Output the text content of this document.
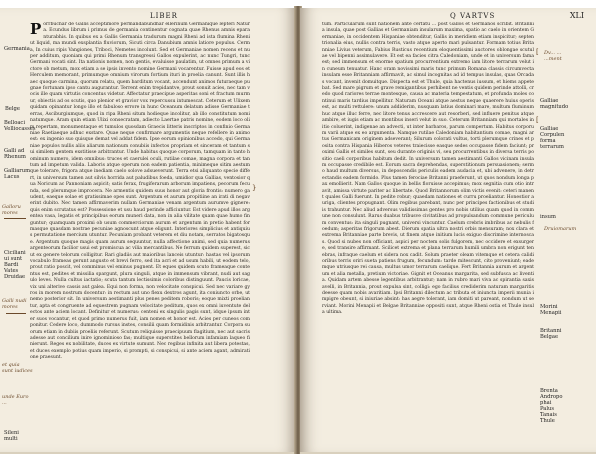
LIBER

Porrbuchar de Gallis acceptimore permandabundhar ellerinum Germanique lepteri Natura. Ecundus librum i primus de germania continentur cognata quae Rhenus amnis eparanturabhis. In quibus ex a Gallis Germania tradurum magni Rheni ad ista flumina Rheni ut liquid, ma mundi exsplantia fluviorum, Sicuti circa Danubium amnis latiore populus. Cerma, In cuius ripis Vangiones, Triboci, Nemetes incolunt. Sed et Germaniae nomen recens et nuper additum, quoniam qui primi Rhenum transgressi Gallos expulerint, ac nunc Tungri, tunc Germani vocati sint. Ita nationis nomen, non gentis, evaluisse paulatim, ut omnes primum a victore ob metum, mox etiam a se ipsis invento nomine Germani vocarentur. Fuisse apud eos et Herculem memorant, primumque omnium virorum fortium ituri in proelia canunt. Sunt illis haec quoque carmina, quorum relatu, quem barditum vocant, accendunt animos futuraeque pugnae fortunam ipso cantu augurantur. Terrent enim trepidantve, prout sonuit acies, nec tam vocis ille quam virtutis concentus videtur. Affectatur praecipue asperitas soni et fractum murmur, obiectis ad os scutis, quo plenior et gravior vox repercussu intumescat. Ceterum et Ulixem quidam opinantur longo illo et fabuloso errore in hunc Oceanum delatum adisse Germaniae terras, Asciburgiumque, quod in ripa Rheni situm hodieque incolitur, ab illo constitutum nominatumque. Aram quin etiam Ulixi consecratam, adiecto Laertae patris nomine, eodem loco olim repertam, monumentaque et tumulos quosdam Graecis litteris inscriptos in confinio Germaniae Raetiaeque adhuc exstare. Quae neque confirmare argumentis neque refellere in animo est: ex ingenio suo quisque demat vel addat fidem. Ipse eorum opinionibus accedo, qui Germaniae populos nullis aliis aliarum nationum conubiis infectos propriam et sinceram et tantum sui similem gentem exstitisse arbitrantur. Unde habitus quoque corporum, tamquam in tanto hominum numero, idem omnibus: truces et caerulei oculi, rutilae comae, magna corpora et tantum ad impetum valida. Laboris atque operum non eadem patientia, minimeque sitim aestumque tolerare, frigora atque inediam caelo solove adsueverunt. Terra etsi aliquanto specie differt, in universum tamen aut silvis horrida aut paludibus foeda, umidior qua Gallias, ventosior qua Noricum ac Pannoniam aspicit; satis ferax, frugiferarum arborum impatiens, pecorum fecunda, sed plerumque improcera. Ne armentis quidem suus honor aut gloria frontis: numero gaudent, eaeque solae et gratissimae opes sunt. Argentum et aurum propitiine an irati di negaverint dubito. Nec tamen affirmaverim nullam Germaniae venam argentum aurumve gignere: quis enim scrutatus est? Possessione et usu haud perinde afficiuntur. Est videre apud illos argentea vasa, legatis et principibus eorum muneri data, non in alia vilitate quam quae humo finguntur; quamquam proximi ob usum commerciorum aurum et argentum in pretio habent formasque quasdam nostrae pecuniae agnoscunt atque eligunt. Interiores simplicius et antiquius permutatione mercium utuntur. Pecuniam probant veterem et diu notam, serratos bigatosque. Argentum quoque magis quam aurum sequuntur, nulla affectione animi, sed quia numerus argenteorum facilior usui est promiscua ac vilia mercantibus. Ne ferrum quidem superest, sicut ex genere telorum colligitur. Rari gladiis aut maioribus lanceis utuntur: hastas vel ipsorum vocabulo frameas gerunt angusto et brevi ferro, sed ita acri et ad usum habili, ut eodem telo, prout ratio poscit, vel comminus vel eminus pugnent. Et eques quidem scuto frameaque contentus est, pedites et missilia spargunt, plura singuli, atque in immensum vibrant, nudi aut sagulo leves. Nulla cultus iactatio; scuta tantum lectissimis coloribus distinguunt. Paucis loricae, vix uni alterive cassis aut galea. Equi non forma, non velocitate conspicui. Sed nec variare gyros in morem nostrum docentur: in rectum aut uno flexu dextros agunt, ita coniuncto orbe, ut nemo posterior sit. In universum aestimanti plus penes peditem roboris; eoque mixti proeliantur, apta et congruente ad equestrem pugnam velocitate peditum, quos ex omni iuventute delectos ante aciem locant. Definitur et numerus: centeni ex singulis pagis sunt, idque ipsum inter suos vocantur, et quod primo numerus fuit, iam nomen et honor est. Acies per cuneos componitur. Cedere loco, dummodo rursus instes, consilii quam formidinis arbitrantur. Corpora suorum etiam in dubiis proeliis referunt. Scutum reliquisse praecipuum flagitium, nec aut sacris adesse aut concilium inire ignominioso fas; multique superstites bellorum infamiam laqueo finierunt. Reges ex nobilitate, duces ex virtute sumunt. Nec regibus infinita aut libera potestas, et duces exemplo potius quam imperio, si prompti, si conspicui, si ante aciem agant, admiratione praesunt.

Germania
Belge
Belloaci
Velliocasses
Galli ad
Rhenum
Galliarum
Lacus
Ciciliani
ui sunt
Bardi
Vates
Druidae
Sileni
multi
Galloru
mores
Galli nudi
mores
et quia
sunt iudices
unde Euro
...
}
Q VARTVS	XLI

tum. Particularum sunt nationem ante cerfatu ... post Gallos et Germanos scribit. Britannia insula, quae post Gallias et Germaniam insularum maxima, spatio ac caelo in orientem Germaniae, in occidentem Hispaniae obtenditur, Gallis in meridiem etiam inspicitur; septentrionalia eius, nullis contra terris, vasto atque aperto mari pulsantur. Formam totius Britanniae Livius veterum, Fabius Rusticus recentium eloquentissimi auctores oblongae scutulae vel bipenni assimulavere. Et est ea facies citra Caledoniam, unde et in universum fama est; sed immensum et enorme spatium procurrentium extremo iam litore terrarum velut in cuneum tenuatur. Hanc oram novissimi maris tunc primum Romana classis circumvecta insulam esse Britanniam affirmavit, ac simul incognitas ad id tempus insulas, quas Orcadas vocant, invenit domuitque. Dispecta est et Thule, quia hactenus iussum, et hiems appetebat. Sed mare pigrum et grave remigantibus perhibent ne ventis quidem perinde attolli, credo quod rariores terrae montesque, causa ac materia tempestatum, et profunda moles continui maris tardius impellitur. Naturam Oceani atque aestus neque quaerere huius operis est, ac multi rettulere: unum addiderim, nusquam latius dominari mare, multum fluminum huc atque illuc ferre, nec litore tenus accrescere aut resorberi, sed influere penitus atque ambire, et iugis etiam ac montibus inseri velut in suo. Ceterum Britanniam qui mortales initio coluerint, indigenae an advecti, ut inter barbaros, parum compertum. Habitus corporum varii atque ex eo argumenta. Namque rutilae Caledoniam habitantium comae, magni artus Germanicam originem adseverant; Silurum colorati vultus, torti plerumque crines et posita contra Hispania Hiberos veteres traiecisse easque sedes occupasse fidem faciunt; proximi Gallis et similes sunt, seu durante originis vi, seu procurrentibus in diversa terris positio caeli corporibus habitum dedit. In universum tamen aestimanti Gallos vicinam insulam occupasse credibile est. Eorum sacra deprehendas, superstitionum persuasionem; sermo haud multum diversus, in deposcendis periculis eadem audacia et, ubi advenere, in detrectandis eadem formido. Plus tamen ferociae Britanni praeferunt, ut quos nondum longa pax emollierit. Nam Gallos quoque in bellis floruisse accepimus; mox segnitia cum otio intravit, amissa virtute pariter ac libertate. Quod Britannorum olim victis evenit: ceteri manent quales Galli fuerunt. In pedite robur; quaedam nationes et curru proeliantur. Honestior auriga, clientes propugnant. Olim regibus parebant, nunc per principes factionibus et studiis trahuntur. Nec aliud adversus validissimas gentes pro nobis utilius quam quod in commune non consulunt. Rarus duabus tribusve civitatibus ad propulsandum commune periculum conventus: ita singuli pugnant, universi vincuntur. Caelum crebris imbribus ac nebulis foedum; asperitas frigorum abest. Dierum spatia ultra nostri orbis mensuram; nox clara et extrema Britanniae parte brevis, ut finem atque initium lucis exiguo discrimine internoscas. Quod si nubes non officiant, aspici per noctem solis fulgorem, nec occidere et exsurgere, sed transire affirmant. Scilicet extrema et plana terrarum humili umbra non erigunt tenebras, infraque caelum et sidera nox cadit. Solum praeter oleam vitemque et cetera calidioribus terris oriri sueta patiens frugum, fecundum: tarde mitescunt, cito proveniunt; eademque utriusque rei causa, multus umor terrarum caelique. Fert Britannia aurum et argentum et alia metalla, pretium victoriae. Gignit et Oceanus margarita, sed subfusca ac liventia. Quidam artem abesse legentibus arbitrantur; nam in rubro mari viva ac spirantia saxis avelli, in Britannia, prout expulsa sint, colligi: ego facilius crediderim naturam margaritis deesse quam nobis avaritiam. Ipsi Britanni dilectum ac tributa et iniuncta imperii munia impigre obeunt, si iniuriae absint: has aegre tolerant, iam domiti ut pareant, nondum ut serviant. Morini Menapii et Belgae Britanniae oppositi sunt, atque Rheni ostia et Thule insula ultima.

Galliae
magnitudo
Galliae
Corpulen
forma
terrarum
insum
Morini
Menapii
Britanni
Belgae
Brenta
Andropo
phai
Palus
Tanais
Thule
Dv... ...
...ment
Druiomarum
[
[
